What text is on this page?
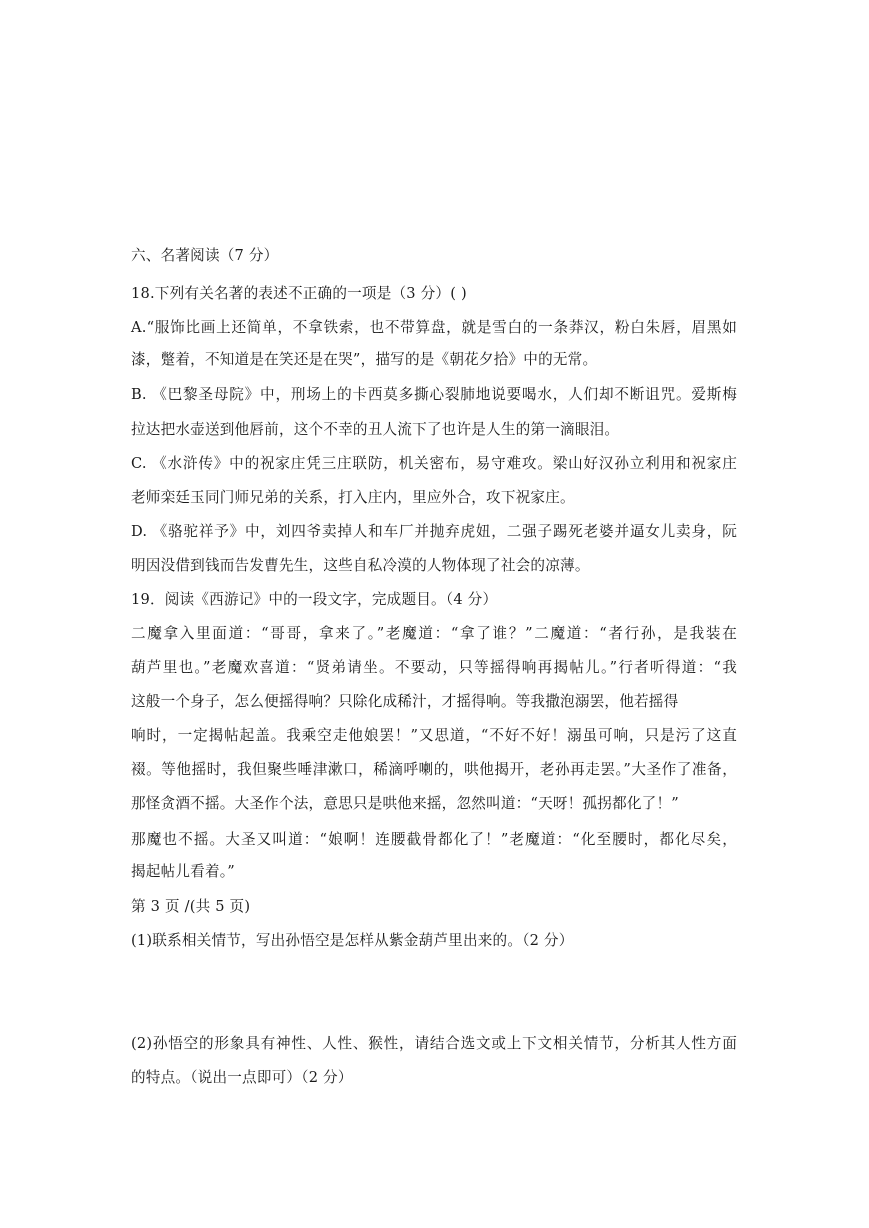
六、名著阅读（7 分）
18.下列有关名著的表述不正确的一项是（3 分）( )
A.“服饰比画上还简单，不拿铁索，也不带算盘，就是雪白的一条莽汉，粉白朱唇，眉黑如
漆，蹩着，不知道是在笑还是在哭”，描写的是《朝花夕拾》中的无常。
B. 《巴黎圣母院》中，刑场上的卡西莫多撕心裂肺地说要喝水，人们却不断诅咒。爱斯梅
拉达把水壶送到他唇前，这个不幸的丑人流下了也许是人生的第一滴眼泪。
C. 《水浒传》中的祝家庄凭三庄联防，机关密布，易守难攻。梁山好汉孙立利用和祝家庄
老师栾廷玉同门师兄弟的关系，打入庄内，里应外合，攻下祝家庄。
D. 《骆驼祥予》中，刘四爷卖掉人和车厂并抛弃虎妞，二强子踢死老婆并逼女儿卖身，阮
明因没借到钱而告发曹先生，这些自私冷漠的人物体现了社会的凉薄。
19．阅读《西游记》中的一段文字，完成题目。（4 分）
二魔拿入里面道：“哥哥，拿来了。”老魔道：“拿了谁？”二魔道：“者行孙，是我装在
葫芦里也。”老魔欢喜道：“贤弟请坐。不要动，只等摇得响再揭帖儿。”行者听得道：“我
这般一个身子，怎么便摇得响？只除化成稀汁，才摇得响。等我撒泡溺罢，他若摇得
响时，一定揭帖起盖。我乘空走他娘罢！”又思道，“不好不好！溺虽可响，只是污了这直
裰。等他摇时，我但聚些唾津漱口，稀滴呼喇的，哄他揭开，老孙再走罢。”大圣作了准备，
那怪贪酒不摇。大圣作个法，意思只是哄他来摇，忽然叫道：“天呀！孤拐都化了！”
那魔也不摇。大圣又叫道：“娘啊！连腰截骨都化了！”老魔道：“化至腰时，都化尽矣，
揭起帖儿看着。”
第 3 页 /(共 5 页)
(1)联系相关情节，写出孙悟空是怎样从紫金葫芦里出来的。（2 分）
(2)孙悟空的形象具有神性、人性、猴性，请结合选文或上下文相关情节，分析其人性方面
的特点。（说出一点即可）（2 分）
